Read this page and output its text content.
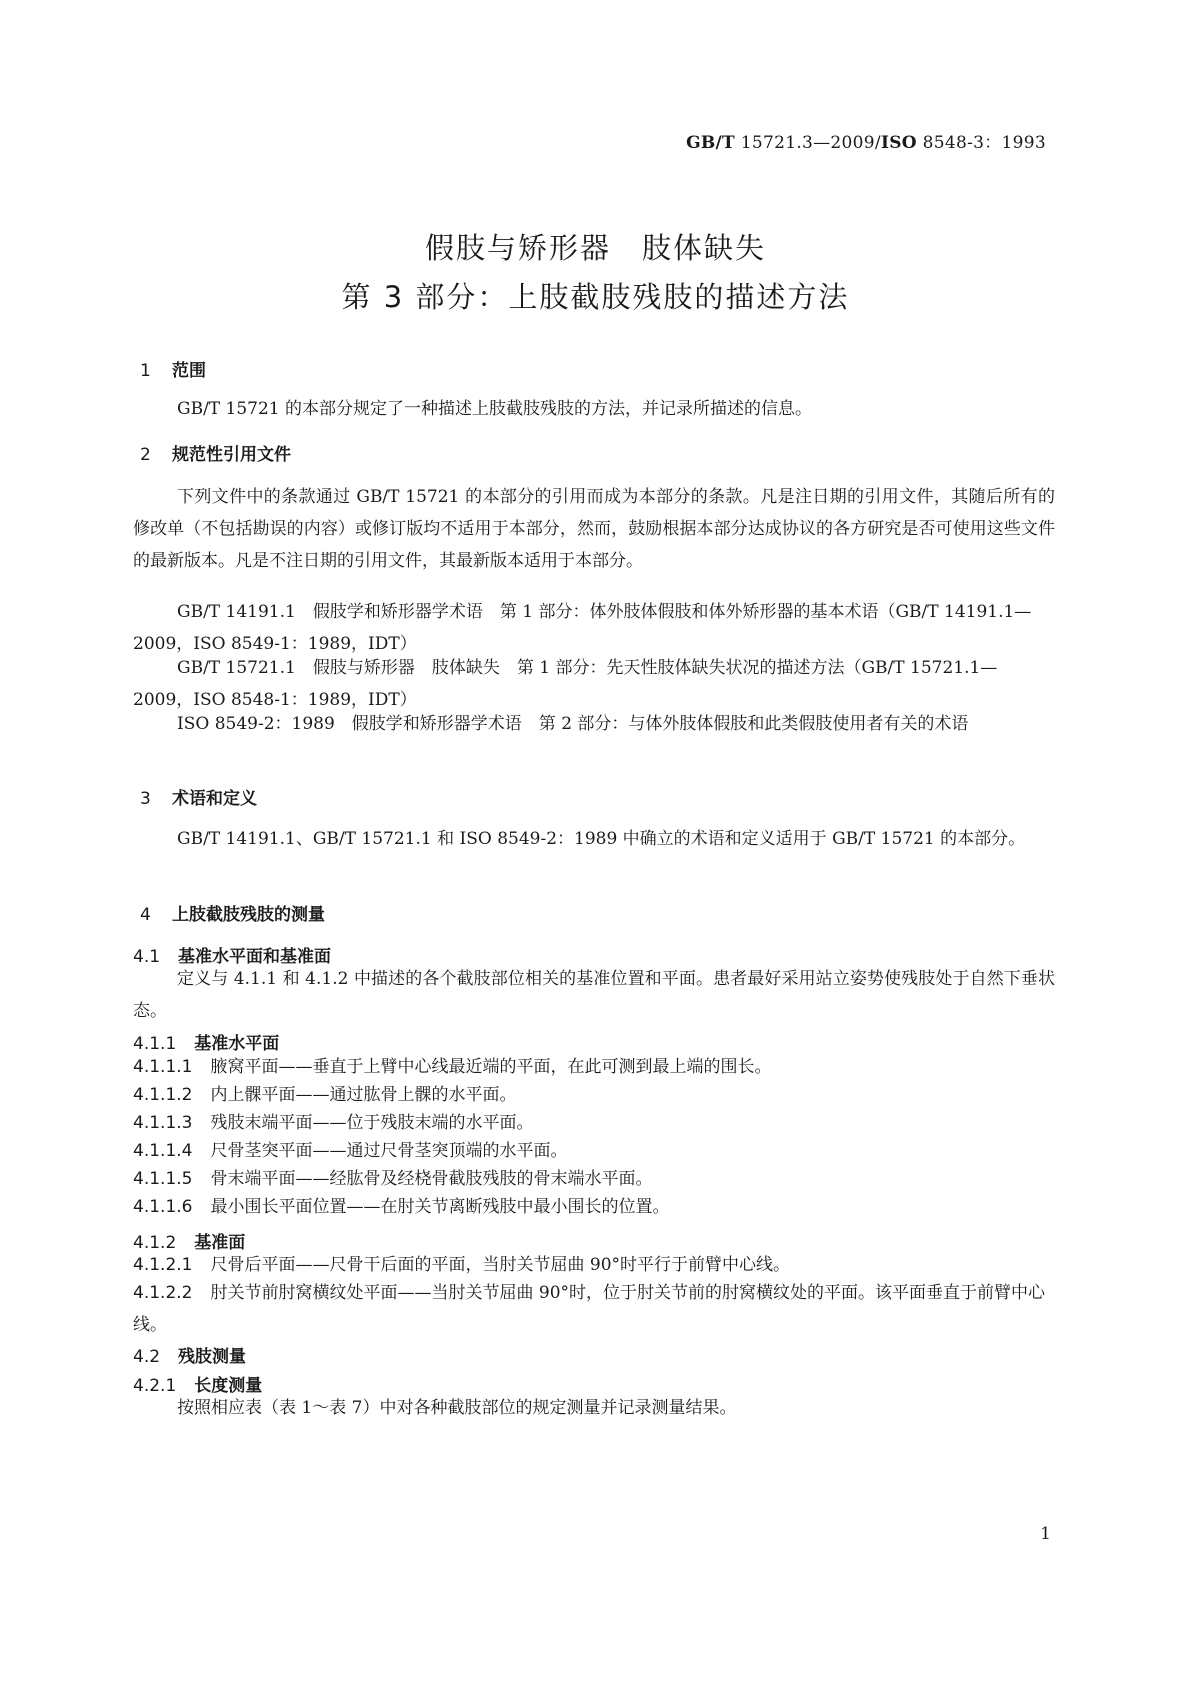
GB/T 15721.3—2009/ISO 8548-3：1993
假肢与矫形器　肢体缺失
第 3 部分：上肢截肢残肢的描述方法
1 范围
GB/T 15721 的本部分规定了一种描述上肢截肢残肢的方法，并记录所描述的信息。
2 规范性引用文件
下列文件中的条款通过 GB/T 15721 的本部分的引用而成为本部分的条款。凡是注日期的引用文件，其随后所有的修改单（不包括勘误的内容）或修订版均不适用于本部分，然而，鼓励根据本部分达成协议的各方研究是否可使用这些文件的最新版本。凡是不注日期的引用文件，其最新版本适用于本部分。
GB/T 14191.1　假肢学和矫形器学术语　第 1 部分：体外肢体假肢和体外矫形器的基本术语（GB/T 14191.1—2009，ISO 8549-1：1989，IDT）
GB/T 15721.1　假肢与矫形器　肢体缺失　第 1 部分：先天性肢体缺失状况的描述方法（GB/T 15721.1—2009，ISO 8548-1：1989，IDT）
ISO 8549-2：1989　假肢学和矫形器学术语　第 2 部分：与体外肢体假肢和此类假肢使用者有关的术语
3 术语和定义
GB/T 14191.1、GB/T 15721.1 和 ISO 8549-2：1989 中确立的术语和定义适用于 GB/T 15721 的本部分。
4 上肢截肢残肢的测量
4.1 基准水平面和基准面
定义与 4.1.1 和 4.1.2 中描述的各个截肢部位相关的基准位置和平面。患者最好采用站立姿势使残肢处于自然下垂状态。
4.1.1 基准水平面
4.1.1.1 腋窝平面——垂直于上臂中心线最近端的平面，在此可测到最上端的围长。
4.1.1.2 内上髁平面——通过肱骨上髁的水平面。
4.1.1.3 残肢末端平面——位于残肢末端的水平面。
4.1.1.4 尺骨茎突平面——通过尺骨茎突顶端的水平面。
4.1.1.5 骨末端平面——经肱骨及经桡骨截肢残肢的骨末端水平面。
4.1.1.6 最小围长平面位置——在肘关节离断残肢中最小围长的位置。
4.1.2 基准面
4.1.2.1 尺骨后平面——尺骨干后面的平面，当肘关节屈曲 90°时平行于前臂中心线。
4.1.2.2 肘关节前肘窝横纹处平面——当肘关节屈曲 90°时，位于肘关节前的肘窝横纹处的平面。该平面垂直于前臂中心线。
4.2 残肢测量
4.2.1 长度测量
按照相应表（表 1～表 7）中对各种截肢部位的规定测量并记录测量结果。
1
